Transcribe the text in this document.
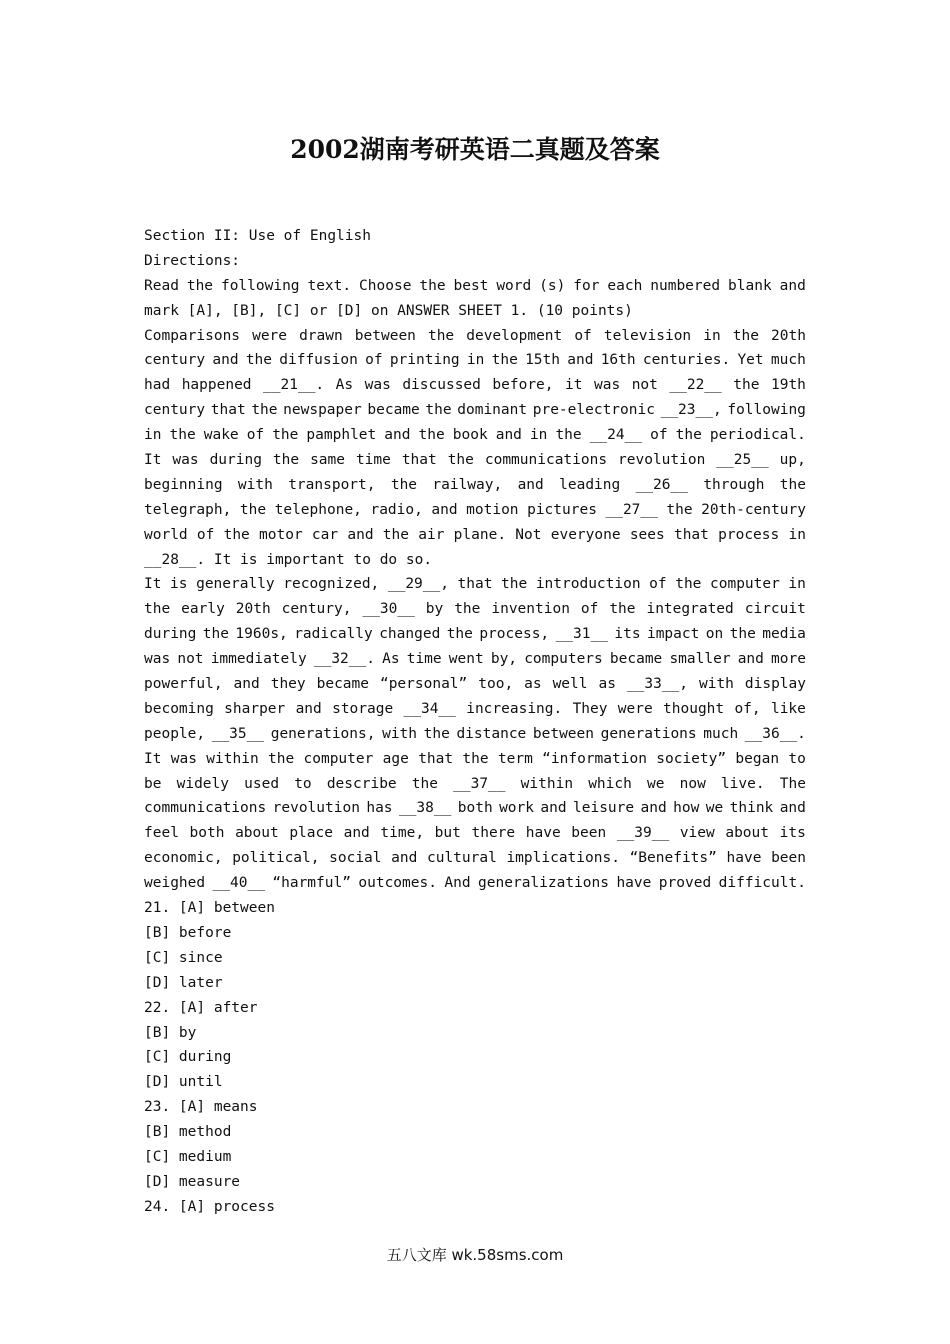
2002湖南考研英语二真题及答案
Section II: Use of English
Directions:
Read the following text. Choose the best word (s) for each numbered blank and
mark [A], [B], [C] or [D] on ANSWER SHEET 1. (10 points)
Comparisons were drawn between the development of television in the 20th
century and the diffusion of printing in the 15th and 16th centuries. Yet much
had happened __21__. As was discussed before, it was not __22__ the 19th
century that the newspaper became the dominant pre-electronic __23__, following
in the wake of the pamphlet and the book and in the __24__ of the periodical.
It was during the same time that the communications revolution __25__ up,
beginning with transport, the railway, and leading __26__ through the
telegraph, the telephone, radio, and motion pictures __27__ the 20th-century
world of the motor car and the air plane. Not everyone sees that process in
__28__. It is important to do so.
It is generally recognized, __29__, that the introduction of the computer in
the early 20th century, __30__ by the invention of the integrated circuit
during the 1960s, radically changed the process, __31__ its impact on the media
was not immediately __32__. As time went by, computers became smaller and more
powerful, and they became “personal” too, as well as __33__, with display
becoming sharper and storage __34__ increasing. They were thought of, like
people, __35__ generations, with the distance between generations much __36__.
It was within the computer age that the term “information society” began to
be widely used to describe the __37__ within which we now live. The
communications revolution has __38__ both work and leisure and how we think and
feel both about place and time, but there have been __39__ view about its
economic, political, social and cultural implications. “Benefits” have been
weighed __40__ “harmful” outcomes. And generalizations have proved difficult.
21. [A] between
[B] before
[C] since
[D] later
22. [A] after
[B] by
[C] during
[D] until
23. [A] means
[B] method
[C] medium
[D] measure
24. [A] process
五八文库 wk.58sms.com
